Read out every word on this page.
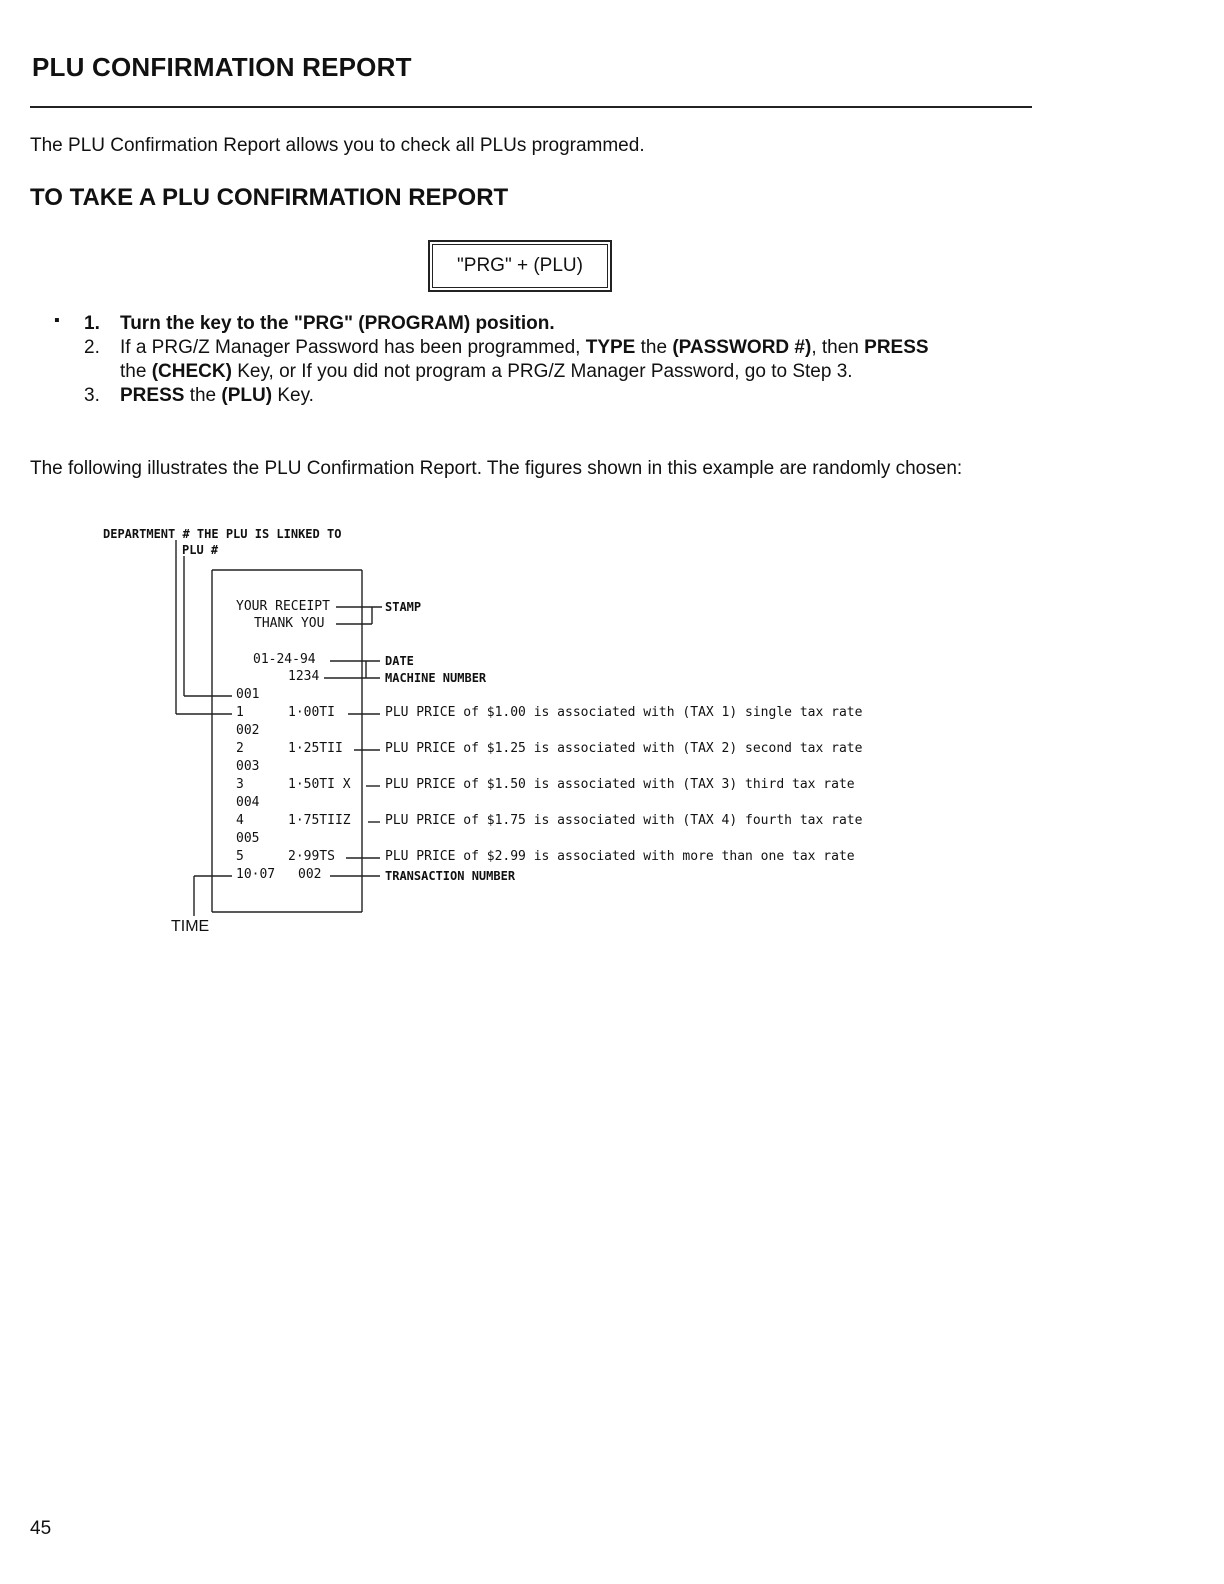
PLU CONFIRMATION REPORT
The PLU Confirmation Report allows you to check all PLUs programmed.
TO TAKE A PLU CONFIRMATION REPORT
"PRG" + (PLU)
▪ 1.	Turn the key to the "PRG" (PROGRAM) position.
2.	If a PRG/Z Manager Password has been programmed, TYPE the (PASSWORD #), then PRESS
the (CHECK) Key, or If you did not program a PRG/Z Manager Password, go to Step 3.
3.	PRESS the (PLU) Key.
The following illustrates the PLU Confirmation Report. The figures shown in this example are randomly chosen:
DEPARTMENT # THE PLU IS LINKED TO
PLU #
YOUR RECEIPT
THANK YOU
01-24-94
1234
001
1	1·00TI
002
2	1·25TII
003
3	1·50TI X
004
4	1·75TIIZ
005
5	2·99TS
10·07 002
STAMP
DATE
MACHINE NUMBER
PLU PRICE of $1.00 is associated with (TAX 1) single tax rate
PLU PRICE of $1.25 is associated with (TAX 2) second tax rate
PLU PRICE of $1.50 is associated with (TAX 3) third tax rate
PLU PRICE of $1.75 is associated with (TAX 4) fourth tax rate
PLU PRICE of $2.99 is associated with more than one tax rate
TRANSACTION NUMBER
TIME
45
